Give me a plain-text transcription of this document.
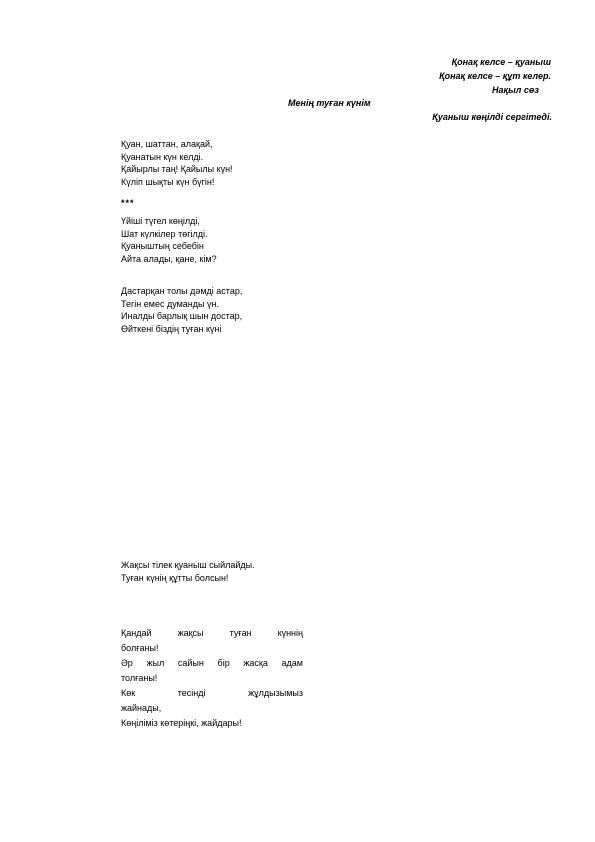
Қонақ келсе – қуаныш
Қонақ келсе – құт келер.
Нақыл сөз
Менің туған күнім
Қуаныш көңілді сергітеді.
Қуан, шаттан, алақай,
Қуанатын күн келді.
Қайырлы таң! Қайылы күн!
Күліп шықты күн бүгін!
***
Үйіші түгел көңілді,
Шат күлкілер төгілді.
Қуаныштың себебін
Айта алады, қане, кім?
Дастарқан толы дәмді астар,
Тегін емес думанды үн.
Иналды барлық шын достар,
Өйткені біздің туған күні
Жақсы тілек қуаныш сыйлайды.
Туған күнің құтты болсын!
Қандай жақсы туған күннің
болғаны!
Әр жыл сайын бір жасқа адам
толғаны!
Көк тесінді жұлдызымыз
жайнады,
Көңіліміз көтеріңкі, жайдары!
